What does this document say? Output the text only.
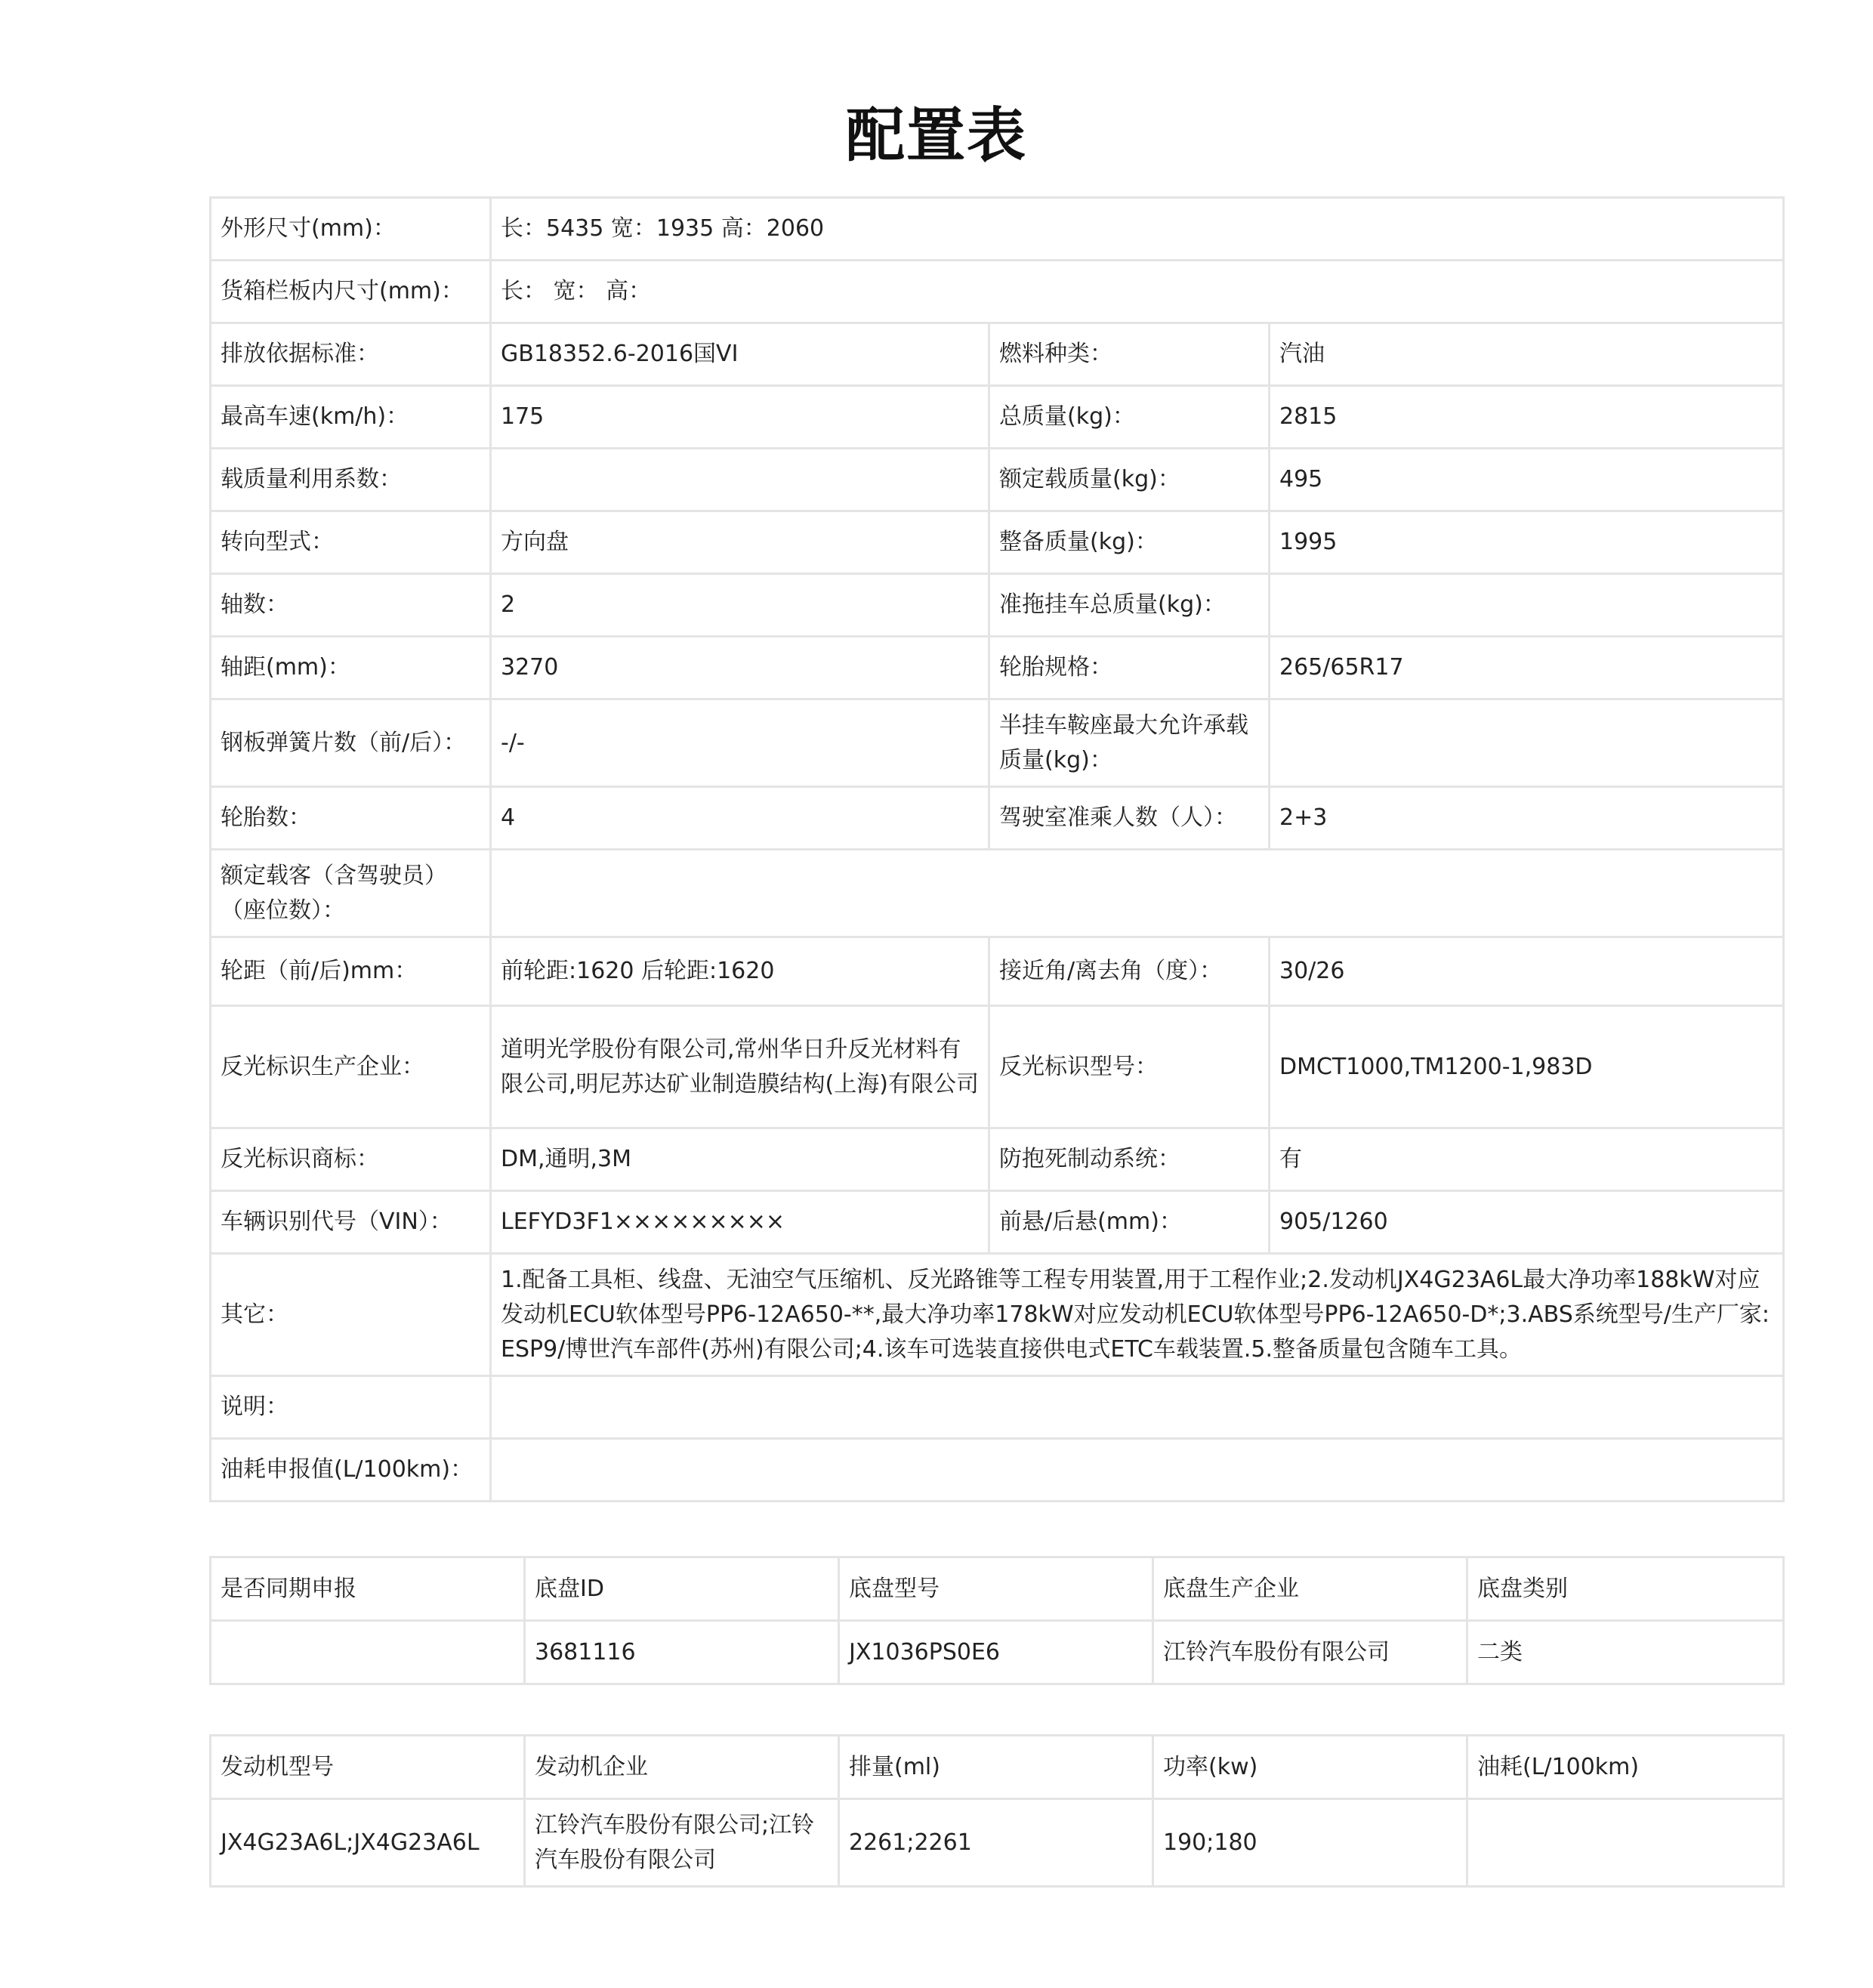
配置表
外形尺寸(mm)：	长：5435 宽：1935 高：2060		
货箱栏板内尺寸(mm)：	长： 宽： 高：		
排放依据标准：	GB18352.6-2016国VI	燃料种类：	汽油
最高车速(km/h)：	175	总质量(kg)：	2815
载质量利用系数：		额定载质量(kg)：	495
转向型式：	方向盘	整备质量(kg)：	1995
轴数：	2	准拖挂车总质量(kg)：	
轴距(mm)：	3270	轮胎规格：	265/65R17
钢板弹簧片数（前/后）：	-/-	半挂车鞍座最大允许承载质量(kg)：	
轮胎数：	4	驾驶室准乘人数（人）：	2+3
额定载客（含驾驶员）（座位数）：			
轮距（前/后)mm：	前轮距:1620 后轮距:1620	接近角/离去角（度）：	30/26
反光标识生产企业：	道明光学股份有限公司,常州华日升反光材料有限公司,明尼苏达矿业制造膜结构(上海)有限公司	反光标识型号：	DMCT1000,TM1200-1,983D
反光标识商标：	DM,通明,3M	防抱死制动系统：	有
车辆识别代号（VIN）：	LEFYD3F1×××××××××	前悬/后悬(mm)：	905/1260
其它：	1.配备工具柜、线盘、无油空气压缩机、反光路锥等工程专用装置,用于工程作业;2.发动机JX4G23A6L最大净功率188kW对应发动机ECU软体型号PP6-12A650-**,最大净功率178kW对应发动机ECU软体型号PP6-12A650-D*;3.ABS系统型号/生产厂家:ESP9/博世汽车部件(苏州)有限公司;4.该车可选装直接供电式ETC车载装置.5.整备质量包含随车工具。		
说明：			
油耗申报值(L/100km)：			
是否同期申报	底盘ID	底盘型号	底盘生产企业	底盘类别
	3681116	JX1036PS0E6	江铃汽车股份有限公司	二类
发动机型号	发动机企业	排量(ml)	功率(kw)	油耗(L/100km)
JX4G23A6L;JX4G23A6L	江铃汽车股份有限公司;江铃汽车股份有限公司	2261;2261	190;180	
